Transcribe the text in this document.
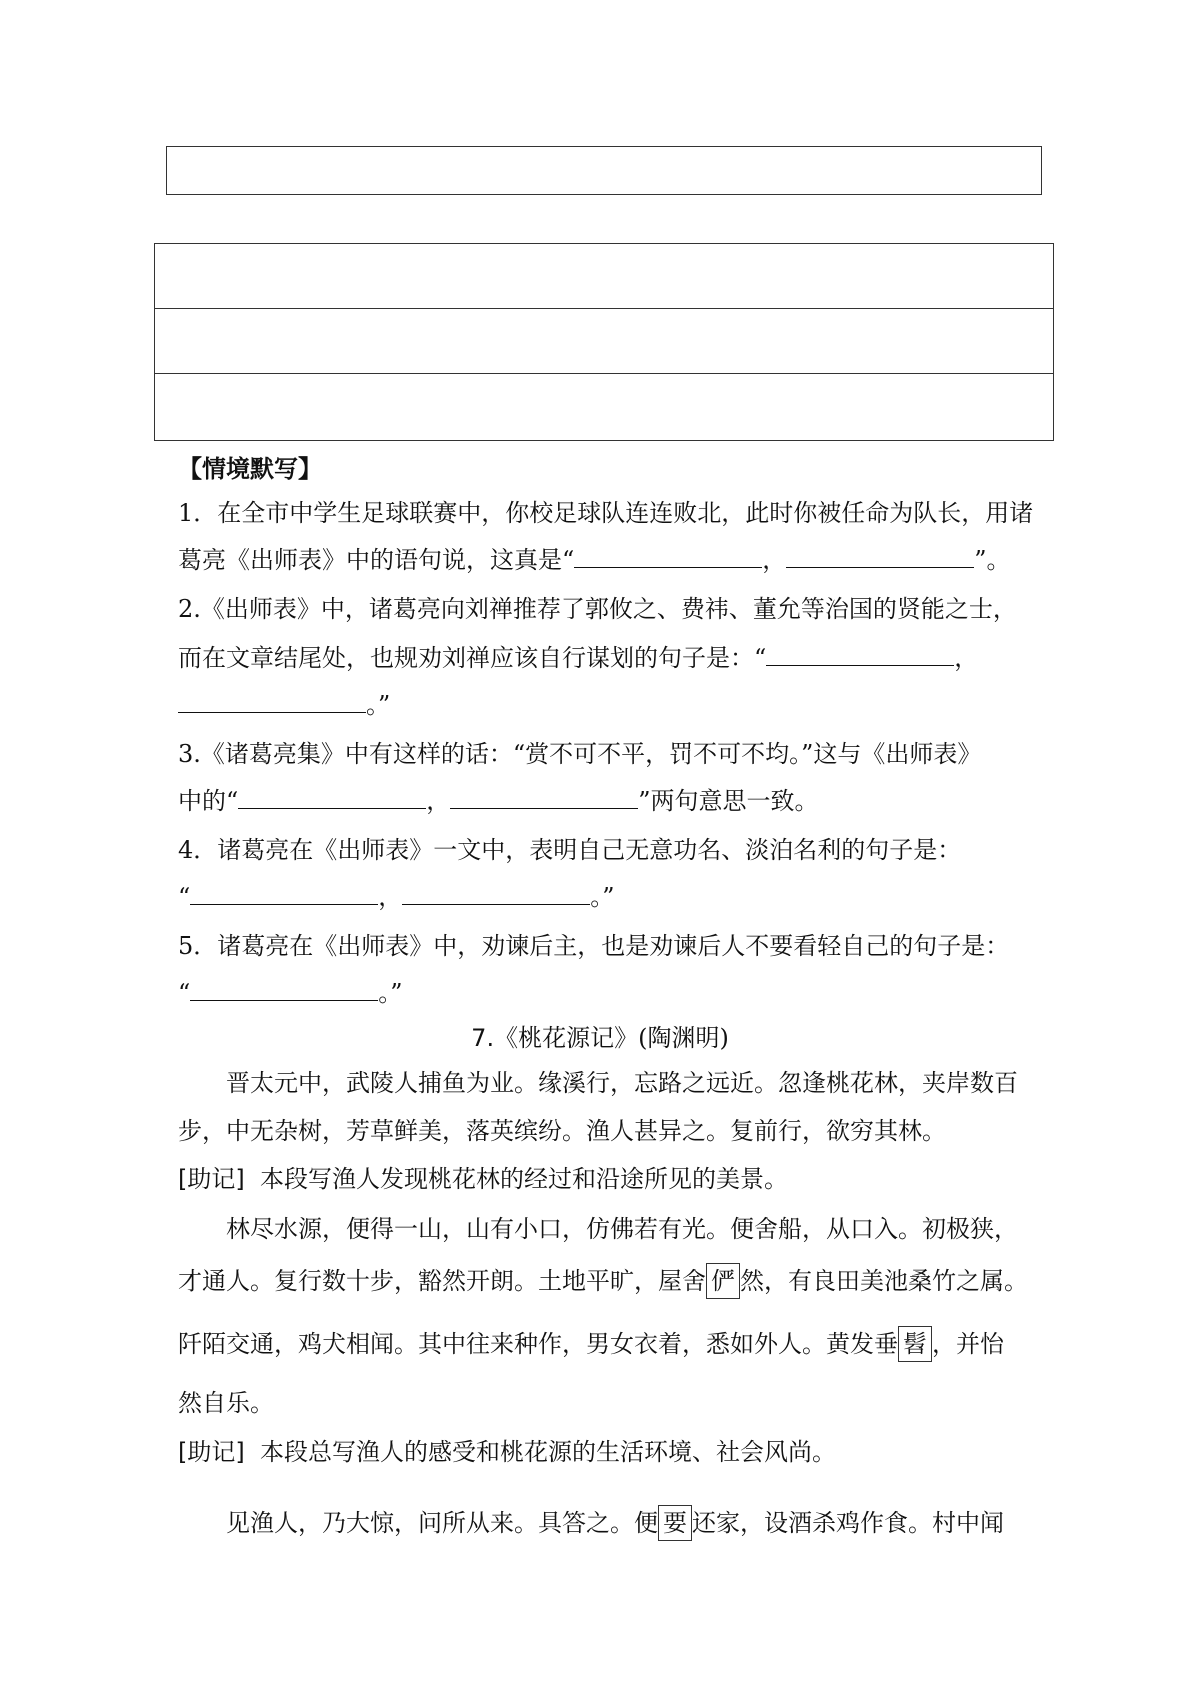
【情境默写】
1．在全市中学生足球联赛中，你校足球队连连败北，此时你被任命为队长，用诸
葛亮《出师表》中的语句说，这真是“	，	”。
2.《出师表》中，诸葛亮向刘禅推荐了郭攸之、费祎、董允等治国的贤能之士，
而在文章结尾处，也规劝刘禅应该自行谋划的句子是：“	，
。”
3.《诸葛亮集》中有这样的话：“赏不可不平，罚不可不均。”这与《出师表》
中的“	，	”两句意思一致。
4．诸葛亮在《出师表》一文中，表明自己无意功名、淡泊名利的句子是：
“	，	。”
5．诸葛亮在《出师表》中，劝谏后主，也是劝谏后人不要看轻自己的句子是：
“	。”
7.《桃花源记》(陶渊明)
晋太元中，武陵人捕鱼为业。缘溪行，忘路之远近。忽逢桃花林，夹岸数百
步，中无杂树，芳草鲜美，落英缤纷。渔人甚异之。复前行，欲穷其林。
[助记] 本段写渔人发现桃花林的经过和沿途所见的美景。
林尽水源，便得一山，山有小口，仿佛若有光。便舍船，从口入。初极狭，
才通人。复行数十步，豁然开朗。土地平旷，屋舍 俨 然，有良田美池桑竹之属。
阡陌交通，鸡犬相闻。其中往来种作，男女衣着，悉如外人。黄发垂 髫 ，并怡
然自乐。
[助记] 本段总写渔人的感受和桃花源的生活环境、社会风尚。
见渔人，乃大惊，问所从来。具答之。便 要 还家，设酒杀鸡作食。村中闻
